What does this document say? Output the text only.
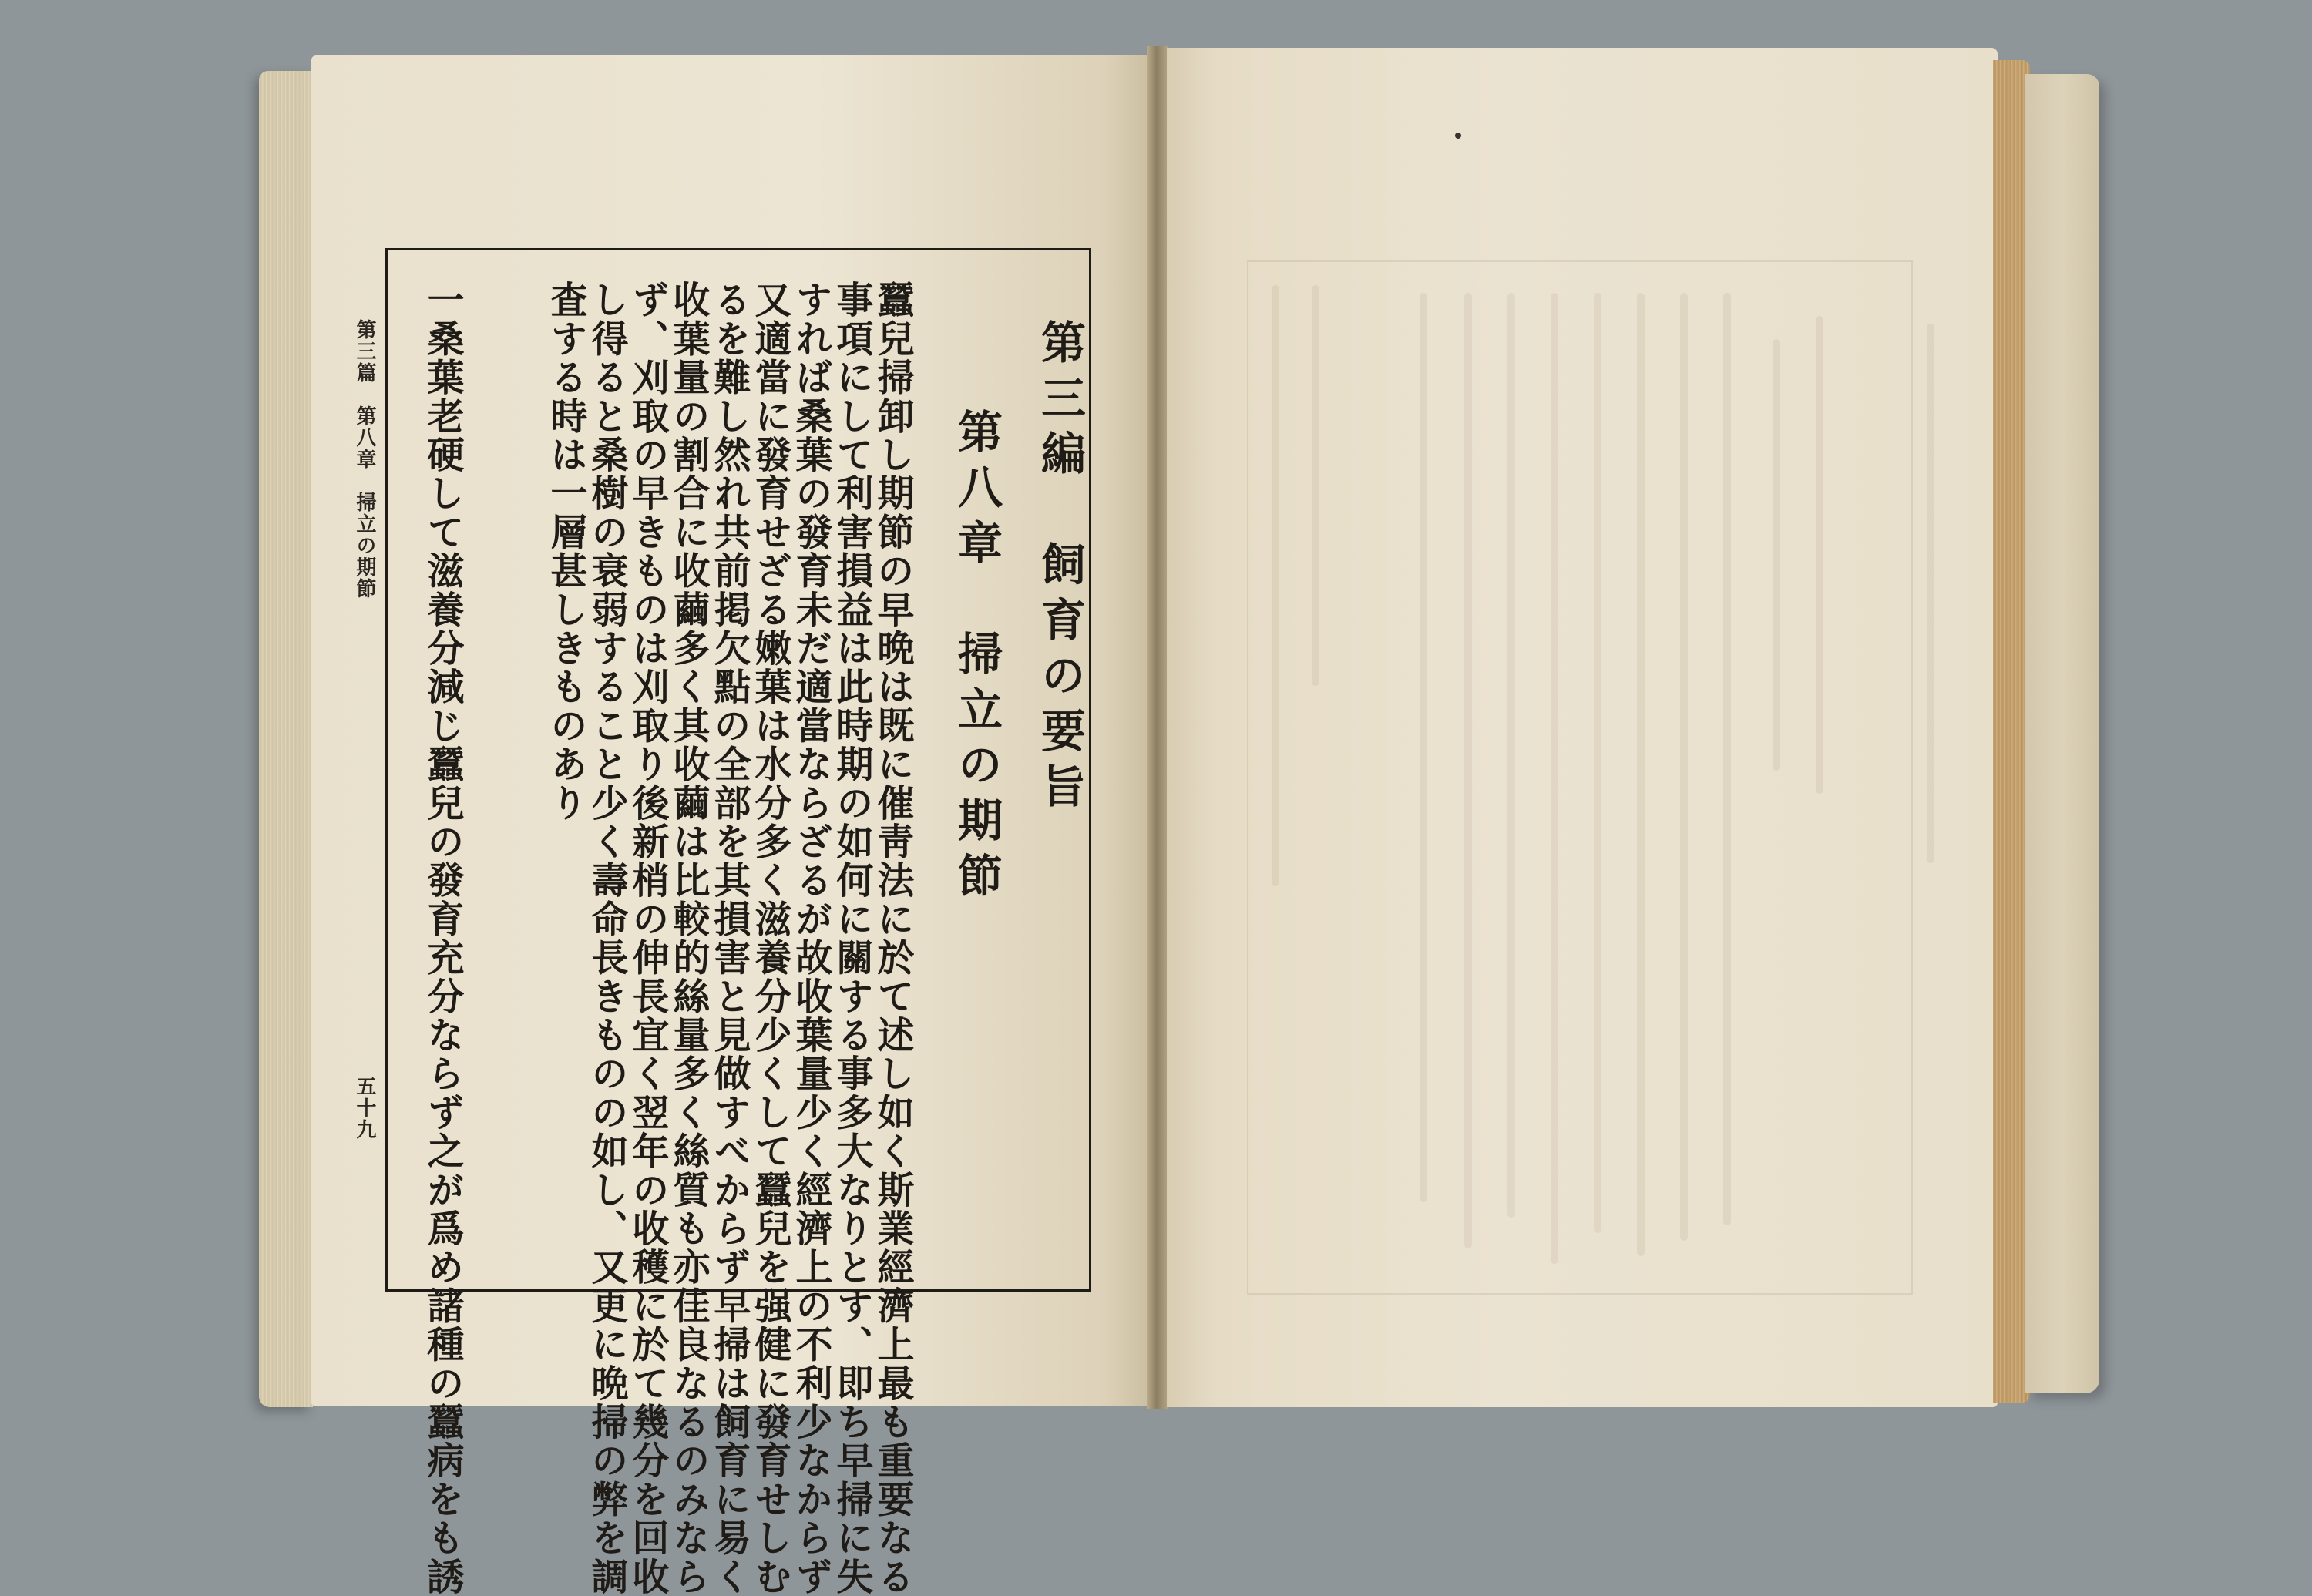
第三編　飼育の要旨
第八章　掃立の期節
蠶兒掃卸し期節の早晩は既に催靑法に於て述し如く斯業經濟上最も重要なる
事項にして利害損益は此時期の如何に關する事多大なりとす、即ち早掃に失
すれば桑葉の發育未だ適當ならざるが故收葉量少く經濟上の不利少なからず
又適當に發育せざる嫩葉は水分多く滋養分少くして蠶兒を强健に發育せしむ
るを難し然れ共前掲欠點の全部を其損害と見做すべからず早掃は飼育に易く
收葉量の割合に收繭多く其收繭は比較的絲量多く絲質も亦佳良なるのみなら
ず、刈取の早きものは刈取り後新梢の伸長宜く翌年の收穫に於て幾分を回收
し得ると桑樹の衰弱すること少く壽命長きものの如し、又更に晩掃の弊を調
査する時は一層甚しきものあり
一桑葉老硬して滋養分減じ蠶兒の發育充分ならず之が爲め諸種の蠶病をも誘
第三篇　第八章　掃立の期節
五十九
